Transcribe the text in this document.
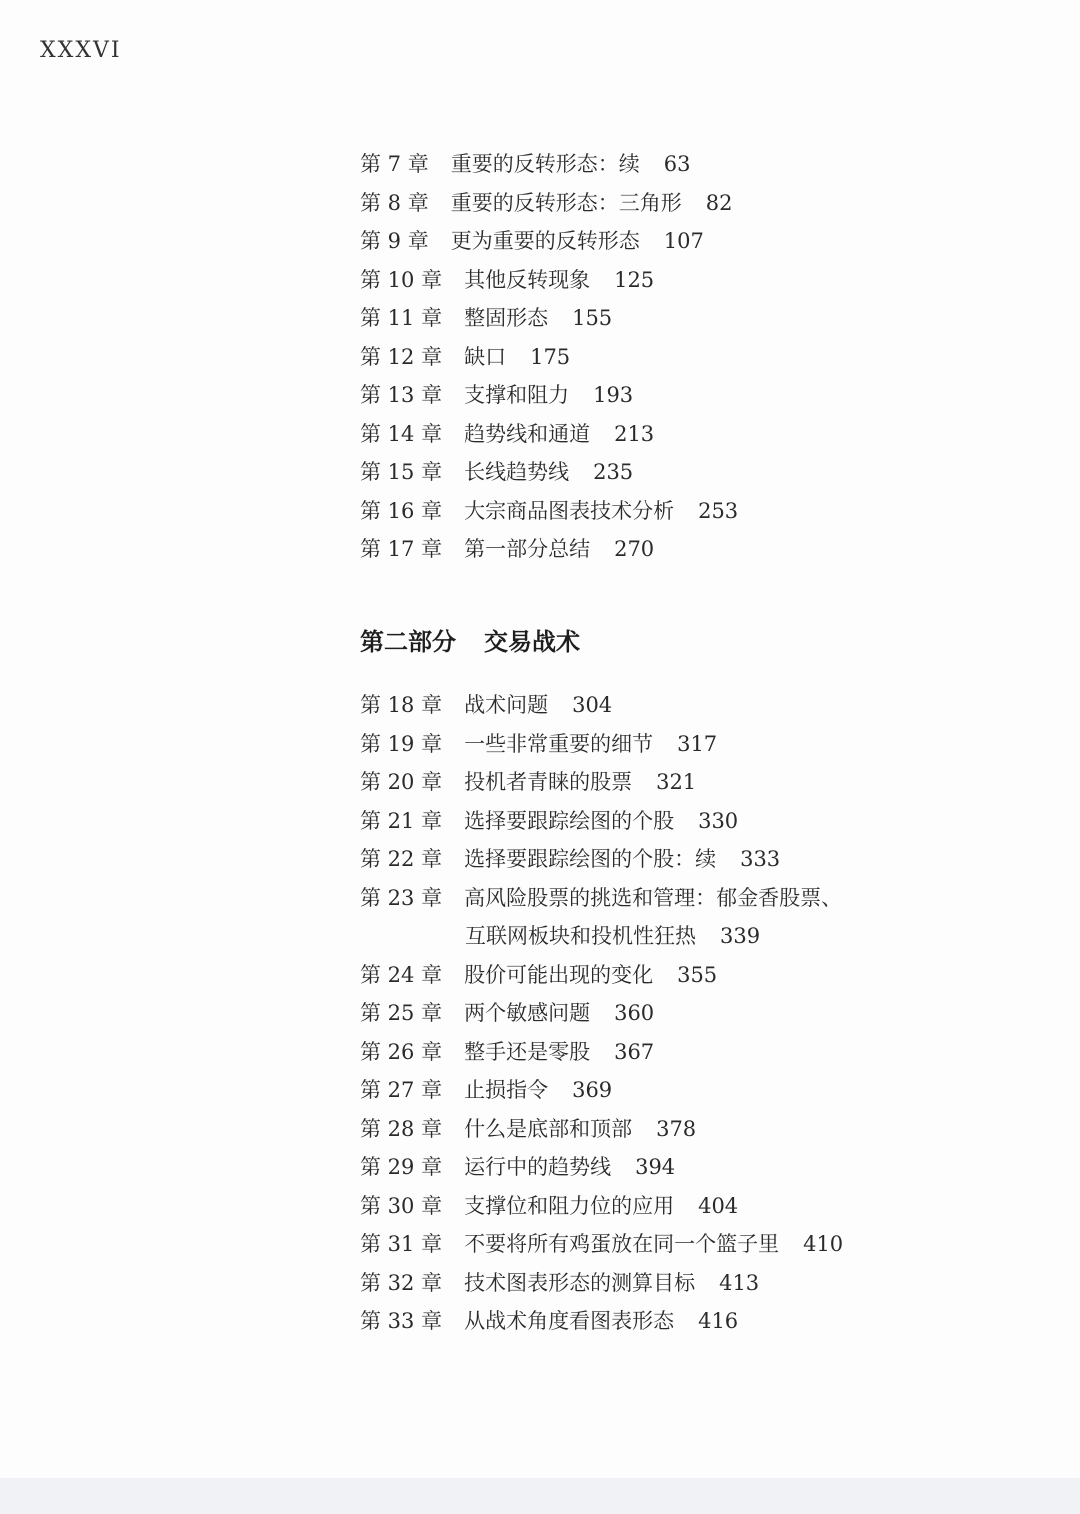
XXXVI
第 7 章 重要的反转形态：续 63
第 8 章 重要的反转形态：三角形 82
第 9 章 更为重要的反转形态 107
第 10 章 其他反转现象 125
第 11 章 整固形态 155
第 12 章 缺口 175
第 13 章 支撑和阻力 193
第 14 章 趋势线和通道 213
第 15 章 长线趋势线 235
第 16 章 大宗商品图表技术分析 253
第 17 章 第一部分总结 270
第二部分 交易战术
第 18 章 战术问题 304
第 19 章 一些非常重要的细节 317
第 20 章 投机者青睐的股票 321
第 21 章 选择要跟踪绘图的个股 330
第 22 章 选择要跟踪绘图的个股：续 333
第 23 章 高风险股票的挑选和管理：郁金香股票、
互联网板块和投机性狂热 339
第 24 章 股价可能出现的变化 355
第 25 章 两个敏感问题 360
第 26 章 整手还是零股 367
第 27 章 止损指令 369
第 28 章 什么是底部和顶部 378
第 29 章 运行中的趋势线 394
第 30 章 支撑位和阻力位的应用 404
第 31 章 不要将所有鸡蛋放在同一个篮子里 410
第 32 章 技术图表形态的测算目标 413
第 33 章 从战术角度看图表形态 416
